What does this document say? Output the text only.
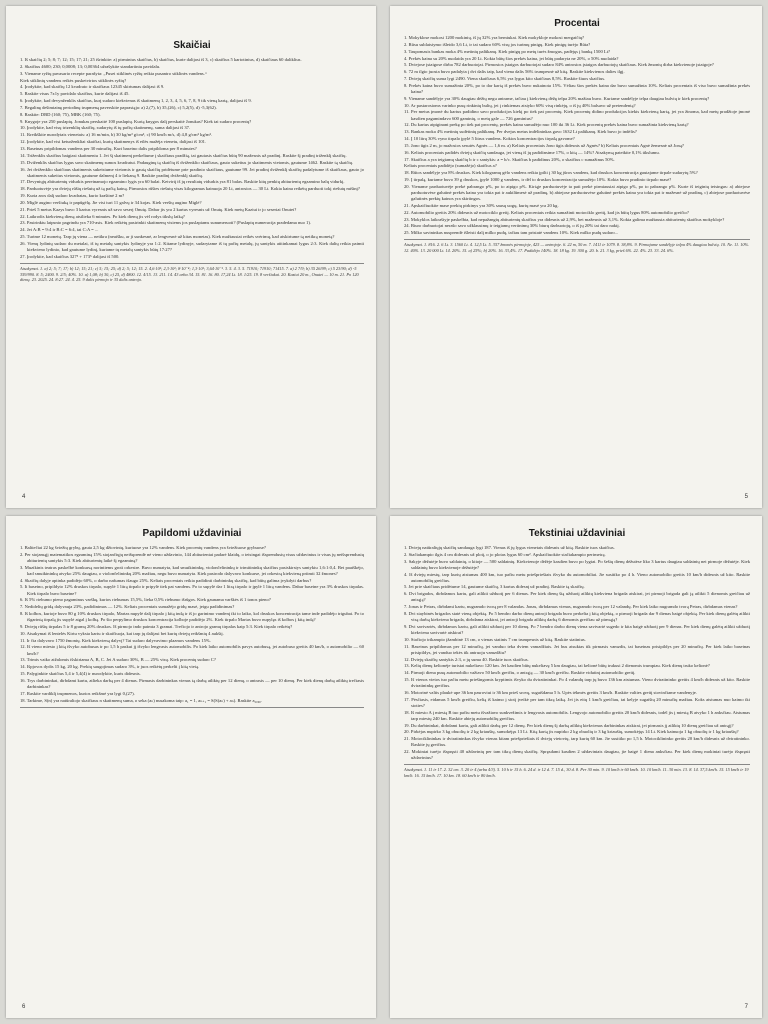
Skaičiai
1. Iš skaičių 2; 5; 8; 7; 12; 15; 17; 21; 25 išrinkite: a) pirminius skaičius, b) skaičius, kurie dalijasi iš 3, c) skaičius 5 kartotinius, d) skaičiaus 60 daliklius.
2. Skaičius 4600; 230; 0,0008; 13; 0,00364 užrašykite standartiniu pavidalu.
3. Viename ryžių pavasario recepte parašyta: „Pusei stiklinės ryžių reikia pusantro stiklinės vandens.“
Kiek stiklinių vandens reikės pusketvirtos stiklinės ryžių?
4. Įrodykite, kad skaičių 12 kvadrato ir skaičiaus 12345 skirtumas dalijasi iš 9.
5. Raskite visus 7x1y pavidalo skaičius, kurie dalijasi iš 45.
6. Įrodykite, kad devynženklis skaičius, kurį sudaro kiekvienas iš skaitmenų 1, 2, 3, 4, 5, 6, 7, 8, 9 tik vieną kartą, dalijasi iš 9.
7. Begalinę dešimtainę periodinę trupmeną paverskite paprastąja: a) 2,(7), b) 35,(26), c) 5,2(5), d) -5,3(62).
8. Raskite: DBD (160; 75), MBK (160; 75).
9. Knygoje yra 250 puslapių. Jonukas perskaitė 100 puslapių. Kurią knygos dalį perskaitė Jonukas? Kiek tai sudaro procentų?
10. Įrodykite, kad visų trizenklių skaičių, sudarytų iš tų pačių skaitmenų, suma dalijasi iš 37.
11. Išreikškite nurodytais vienetais: a) 16 m/min, b) 30 kg/m³ g/cm³, c) 90 km/h m/s, d) 4,8 g/cm³ kg/m³.
12. Įrodykite, kad visi keturženkliai skaičiai, kurių skaitmenys iš eilės mažėja vienetu, dalijasi iš 101.
13. Baseinas pripildomas vandens per 30 minučių. Kuri baseino dalis pripildoma per 8 minutes?
14. Triženklis skaičius baigiasi skaitmeniu 1. Jei šį skaitmenį perkeltume į skaičiaus pradžią, tai gautasis skaičius būtų 90 mažesnis už pradinį. Raskite šį pradinį triženklį skaičių.
15. Dviženklis skaičius lygus savo skaitmenų sumos kvadratui. Padauginę tą skaičių iš dviženklio skaičiaus, gauto sukeitus jo skaitmenis vietomis, gautume 1462. Raskite tą skaičių.
16. Jei dviženklio skaičiaus skaitmenis sukeistume vietomis ir gautą skaičių pridėtume prie pradinio skaičiaus, gautume 99. Jei pradinį dviženklį skaičių padalytume iš skaičiaus, gauto jo skaitmenis sukeitus vietomis, gautume dalmenį 4 ir liekaną 9. Raskite pradinį dviženklį skaičių.
17. Devyniųjų abiturientų vidurkis pereinamojo egzamino lygis yra 60 balai. Ketvirtį iš jų rezultatų vidurkis yra 81 balas. Raskite kitų penkių abiturientų egzamino balų vidurkį.
18. Parduotuvėje yra dviejų rūšių riešutų už tą pačią kainą. Pirmosios rūšies riešutų visas kilogramas kainuoja 20 Lt, antrosios — 30 Lt. Kokia kaina reikėtų parduoti tokį riešutų mišinį?
19. Kuria aros dalį sudaro kvadratas, kurio kraštinė 2 m?
20. Miglė augino veršiuką ir papūgėlę. Jie visi turi 11 galvų ir 34 kojas. Kiek veršių augino Miglė?
21. Prieš 5 metus Kazys buvo 3 kartus vyresnis už savo seserį Onutę. Dabar jis yra 2 kartus vyresnis už Onutę. Kiek metų Kaziui ir jo seseriai Onutei?
22. Laikrodis kiekvieną dieną atsilieka 6 minutes. Po kiek dienų jis vėl rodys tikslų laiką?
23. Pasirinktu laipsnio pagrindu yra 710-asis. Kiek reikėtų pasirinkti skaitmenų visiems jos puslapiams sunumeruoti? (Puslapių numeracija pradedama nuo 1).
24. Jei A:B = 9:4 ir B:C = 6:4, tai C:A = ...
25. Turime 12 monetų. Tarp jų viena — netikra (neaišku, ar ji sunkesnė, ar lengvesnė už kitas monetas). Kiek mažiausiai reikės svėrimų, kad atskirtume tą netikrą monetą?
26. Vienų lydinių sudaro du metalai, iš tų metalų santykis lydinyje yra 1:2. Kitame lydinyje, sudarytame iš tų pačių metalų, jų santykis atitinkamai lygus 2:3. Kiek dalių reikia paimti kiekvieno lydinio, kad gautume lydinį, kuriame tų metalų santykis būtų 17:27?
27. Įrodykite, kad skaičius 327⁵ + 173⁵ dalijasi iš 500.
Atsakymai. 1. a) 2; 5; 7; 17; b) 12; 15; 21; c) 5; 15; 25; d) 2; 5; 12; 15. 2. 4,6·10³; 2,3·10²; 8·10⁻⁴; 1,3·10¹; 3,64·10⁻³. 3. 5. 4. 3. 5. 71910; 71910; 71415. 7. a) 2 7/9; b) 35 26/99; c) 5 23/90; d) -5 359/990. 8. 5; 2400. 9. 2/5; 40%. 10. a) 1,08; b) 30, c) 25, d) 4800. 12. 4/15. 13. 211. 14. 43 arba 34. 15. 81. 16. 80. 17,24 Lt. 18. 1/25. 19. 8 veršiukai. 20. Kaziui 20 m., Onutei — 10 m. 21. Po 120 dienų. 23. 2025. 24. 8:27. 24. 4. 25. 9 dalis pirmojo ir 35 dalis antrojo.
4
Procentai
1. Mokyklose mokosi 1200 mokinių, iš jų 32% yra berniukai. Kiek mokykloje mokosi mergaičių?
2. Rūsu sublaistymo išleido 3,6 Lt, ir tai sudaro 60% visų jos turimų pinigų. Kiek pinigų turėjo Rūta?
3. Taupomasis bankas moka 4% metinių palūkanų. Kiek pinigų po metų turės žmogus, padėjęs į banką 1500 Lt?
4. Prekės kaina su 20% nuolaida yra 20 Lt. Kokia būtų šios prekės kaina, jei būtų padaryta ne 20%, o 50% nuolaida?
5. Dviejose įstaigose dirba 782 darbuotojai. Pirmosios įstaigos darbuotojai sudaro 84% antrosios įstaigos darbuotojų skaičiaus. Kiek žmonių dirba kiekvienoje įstaigoje?
6. 72 m ilgio juosta buvo padalyta į dvi dalis taip, kad viena dalis 56% trumpesnė už kitą. Raskite kiekvienos dalies ilgį.
7. Dviejų skaičių suma lygi 2490. Viena skaičiaus 6,5% yra lygus kito skaičiaus 8,5%. Raskite šiuos skaičius.
8. Prekės kaina buvo sumažinta 20%, po to dar kartą iš prekės buvo nukainota 15%. Vėliau šios prekės kaina dar buvo sumažinta 10%. Keliais procentais iš viso buvo sumažinta prekės kaina?
9. Viename sandėlyje yra 30% daugiau dėžių negu antrame, tačiau į kiekvieną dėžę telpa 20% mažiau buvo. Kuriame sandėlyje telpa daugiau bulvių ir kiek procentų?
10. Ar pastarosioms varinko pusę rinkinių bulių, jei į rinkiemas atsiyko 60% visų rinkėjų, o iš jų 40% balsavo už pretendentą?
11. Per metus įmonė du kartus padidino savo produkcijos kiekį po tiek pat procentų. Kiek procentų didino produkcijos kiekis kiekvieną kartą, jei yra žinoma, kad metų pradžioje įmonė kasdien pagamindavo 600 gaminių, o metų gale — 726 gaminius?
12. Du kartus atpiginant prekę po tiek pat procentų, prekės kaina sumažėjo nuo 100 iki 36 Lt. Kiek procentų prekės kaina buvo sumažinta kiekvieną kartą?
13. Bankas moka 4% metinių sudėtinių palūkanų. Per dvejus metus indėlininkas gavo 1632 Lt palūkanų. Kiek buvo jo indėlis?
14. Į 10 litrų 30% vyno tirpalo įpylė 5 litrus vandens. Kokios koncentracijos tirpalą gavome?
15. Jono ūgis 2 m, jo mažosios sesutės Agnės — 1,6 m. a) Keliais procentais Jono ūgis didesnis už Agnės? b) Keliais procentais Agnė žemesnė už Joną?
16. Keliais procentais padidės dviejų skaičių sandauga, jei vieną iš jų padidinsime 17%, o kitą — 14%? Atsakymą pateikite 0,1% tikslumu.
17. Skaičius a yra teigiamų skaičių b ir c santykis: a = b/c. Skaičius b padidinus 20%, o skaičius c sumažinus 50%.
Keliais procentais padidėjo (sumažėjo) skaičius a?
18. Rūtos sandėlyje yra 8% druskos. Kiek kilogramų gėlo vandens reikia įpilti į 30 kg jūros vandens, kad druskos koncentracija gautajame tirpale sudarytų 5%?
19. Į tirpalą, kuriame buvo 39 g druskos, įpylė 1000 g vandens, ir dėl to druskos koncentracija sumažėjo 10%. Kokia buvo pradinio tirpalo masė?
20. Viename parduotuvėje prekė pabrango p%, po to atpigo p%. Kiriąje parduotuvėje ta pati prekė pirmiausiai atpigo p%, po to pabrango p%. Kurie iš teiginių teisingas: a) abiejose parduotuvėse galutinė prekės kaina yra tokia pat ir auktlūmesė už pradinę, b) abiejose parduotuvėse galutinė prekės kaina yra tokia pat ir mažesnė už pradinę, c) abiejose parduotuvėse galutinės prekių kainos yra skirtingos.
21. Apskaičiuokite mase prekių pirkinys yra 30% sausų uogų, kurių masė yra 20 kg.
22. Automobilio greitis 20% didesnis už motociklo greitį. Keliais procentais reikia sumažinti motociklo greitį, kad jis būtų lygus 80% automobilio greičio?
23. Mokyklos laikraštyje paskelbta, kad nepažangių abiturientų skaičius yra didesnis už 2,9%, bet mažesnis už 3,1%. Kokia galima mažiausia abiturientų skaičius mokykloje?
24. Biuro darbuotojai nerašo savo užklausimų ir teigiamų vertinimų 30% biurų darbuotojų, o iš jų 20% tai daro naktį.
25. Milko savininkas nusprendė išleisti dalį milko pudų, tačiau tam pristatė vandens 10%. Kiek milko pudų sudaro...
Atsakymai. 1. 816. 2. 6 Lt. 3. 1560 Lt. 4. 12,5 Lt. 5. 357 žmonės pirmojoje, 425 — antrojoje. 6. 22 m, 50 m. 7. 1411 ir 1079. 8. 38,8%. 9. Pirmajame sandėlyje telpa 4% daugiau bulvių. 10. Ne. 11. 10%. 12. 40%. 13. 20 000 Lt. 14. 20%. 15. a) 25%; b) 20%. 16. 33,4%. 17. Padidėjo 140%. 18. 18 kg. 19. 300 g. 20. b. 21. 3 kg, prieš 6%. 22. 4%. 23. 33. 24. 6%.
5
Papildomi uždaviniai
1. Baltiečiai 22 kg šviežių grybų, gauta 2,5 kg džiovintų, kuriuose yra 12% vandens. Kiek procentų vandens yra šviežiuose grybuose?
2. Per stojamąjį matematikos egzaminą 15% stojančiųjų neišsprendė nė vieno uždavinio, 144 abiturientai padarė klaidų, o teisingai išsprendusių visus uždavinius ir visus jų neišsprendusių abiturientų santykis 5:3. Kiek abiturientų laikė šį egzaminą?
3. Muzikinis teatras paskelbė konkursą norintiems groti orkestre. Buvo numatyta, kad smuikininkų, violončelininkų ir trimitininkų skaičius pasiskirstys santykiu 1,6:1:0,4. Bet paaiškėjo, kad smuikininkų atvyko 25% daugiau, o violončelininkų 20% mažiau, negu buvo numatyta. Kiek pasirodo dalyvavo konkurse, jei orkestrą kiekvieną priimti 32 žmones?
4. Skaičių dalyje aptinka padidėjo 60%, o darbo našumas išaugo 25%. Keliais procentais reikia padidinti darbininkų skaičių, kad būtų galima įvykdyti darbus?
5. Ii baseino, pripildyto 12% druskos tirpalo, supylė 1 litrą tirpalo ir pripylė tiek pat vandens. Po to supylė dar 1 litrą tirpalo ir įpylė 1 litrą vandens. Dabar baseine yra 3% druskos tirpalas. Kiek tirpalo buvo baseine?
6. Iš 5% riebumo pieno pagaminus varškę, kurios riebumas 15,5%, lieka 0,5% riebumo išrūgos. Kiek gaunama varškės iš 1 tonos pieno?
7. Nedidelių gridą dalyvauja 23%, padidinimas — 12%. Keliais procentais sumažėjo gridų masė, jeigu padidinimas?
8. Iš kolbos, kurioje buvo 80 g 10% druskos tirpalo, Martas nupylė dalį tirpalo į kitą indą ir iš jo garinimo vandenį iki to laiko, kol druskos koncentracija tame inde padidėjo trigubai. Po to išgarintą tirpalą jis supylė atgal į kolbą. Po šio perpylimo druskos koncentracija kolboje padidėjo 2%. Kiek tirpalo Martas buvo nupylęs iš kolbos į kitą indą?
9. Dviejų rūšių tirpalas 5 ir 8 gramų 20% druskos. Iš pirmojo indo paimta 3 gramai. Trečiojo ir antrojo gramų tirpalas kaip 5:3. Kiek tirpalo reikėtų?
10. Atsakymai iš lentelės Kirtu vyksta kartu ir skaičiuoja, kai tarp jų dalijasi bet kurių dviejų reikšmių 4 aukštį.
11. Ir čia dalyvavo 1750 žmonių. Kiek kiekvieną dalyvį? Tai sudaro dalyvavimo plazmos vandens 15%.
12. Iš vieno miesto į kitą išvyko autobusas ir po 1,5 h paskui jį išvyko lengvasis automobilis. Po kiek laiko automobilis pavys autobusą, jei autobuso greitis 40 km/h, o automobilio — 60 km/h?
13. Trimis vaiko atžalomis išskiriama A, B, C. Jei A sudaro 30%, B — 25% visų. Kiek procentų sudaro C?
14. Išpjovos dydis 15 kg, 20 kg. Prekių saugojimas sudaro 3%, ir juos reikėtų perkelti į kitą vietą.
15. Palyginkite skaičius 5,4 ir 5,4(4) ir nurodykite, kuris didesnis.
16. Trys darbininkai, dirbdami kartu, atlieka darbą per 4 dienas. Pirmasis darbininkas vienas tą darbą atliktų per 12 dienų, o antrasis — per 10 dienų. Per kiek dienų darbą atliktų trečiasis darbininkas?
17. Raskite vardiklį trupmenos, kurios reikšmė yra lygi 0,(27).
18. Tarkime, S(n) yra natūraliojo skaičiaus n skaitmenų suma, o seka (aₙ) nusakoma taip: a₁ = 1, aₙ₊₁ = S(S(aₙ) + aₙ). Raskite a₂₀₀₀.
6
Tekstiniai uždaviniai
1. Dviejų natūraliųjų skaičių sandauga lygi 187. Vienas iš jų lygus vienetais didesnis už kitą. Raskite tuos skaičius.
2. Stačiakampio ilgis 4 cm didesnis už plotį, o jo plotas lygus 60 cm². Apskaičiuokite stačiakampio perimetrą.
3. Sakyje dėžutėje buvo saldainių, o kitoje — 500 saldainių. Kiekvienoje dėžėje kasdien buvo po lygiai. Po šešių dienų dėžutėse liko 3 kartus daugiau saldainių nei pirmoje dėžutėje. Kiek saldainių buvo kiekvienoje dėžutėje?
4. Iš dviejų miestų, tarp kurių atstumas 400 km, tuo pačiu metu priešpriešiais išvyko du automobiliai. Jie susitiko po 4 h. Vieno automobilio greitis 10 km/h didesnis už kito. Raskite automobilių greičius.
5. Jei prie skaičiaus pridėtume 14, gautume skaičių, 3 kartus didesnį už pradinį. Raskite tą skaičių.
6. Dvi brigados, dirbdamos kartu, gali atlikti užduotį per 6 dienas. Per kiek dienų šią užduotį atliktų kiekviena brigada atskirai, jei pirmoji brigada gali ją atlikti 5 dienomis greičiau už antrąją?
7. Jonas ir Petras, dirbdami kartu, nugramdo tvorą per 8 valandas. Jonas, dirbdamas vienas, nugramdo tvorą per 12 valandų. Per kiek laiko nugramdo tvorą Petras, dirbdamas vienas?
8. Dvi staybinės brigados statė vieną objektą. Po 5 bendro darbo dienų antroji brigada buvo perkelta į kitą objektą, o pirmoji brigada dar 9 dienas baigė objektą. Per kiek dienų galėtų atlikti visą darbą kiekviena brigada, dirbdama atskirai, jei antroji brigada atliktų darbą 6 dienomis greičiau už pirmąją?
9. Dvi savivartės, dirbdamos kartu, gali atlikti užduotį per 10 dienų. Po 7 bendro darbo dienų viena savivartė sugedo ir kita baigė užduotį per 9 dienas. Per kiek dienų galėtų atlikti užduotį kiekviena savivartė atskirai?
10. Stačiojo trikampio įžambinė 13 cm, o vienas statinis 7 cm trumpesnis už kitą. Raskite statinius.
11. Baseinas pripildomas per 12 minučių, jei vanduo teka dviem vamzdžiais. Jei bus atsuktas tik pirmasis vamzdis, tai baseinas prisipildys per 20 minučių. Per kiek laiko baseinas prisipildys, jei vanduo tekės tik antruoju vamzdžiu?
12. Dviejų skaičių santykis 2:3, o jų suma 40. Raskite tuos skaičius.
13. Kelių dienų kelionėje turistai nukeliavo 120 km. Jei kasdien būtų nukeliavę 5 km daugiau, tai kelionė būtų trukusi 2 dienomis trumpiau. Kiek dienų truko kelionė?
14. Pirmoji diena pusę automobilio važiavo 50 km/h greičiu, o antrąją — 30 km/h greičiu. Raskite vidutinį automobilio greitį.
15. Iš vienos vietos tuo pačiu metu priešingomis kryptimis išvyko du dviratininkai. Po 4 valandų tarp jų buvo 136 km atstumas. Vieno dviratininko greitis 4 km/h didesnis už kito. Raskite dviratininkų greičius.
16. Motorinė valtis plaukė upe 36 km pasroviui ir 36 km prieš srovę, sugaišdama 5 h. Upės tėkmės greitis 3 km/h. Raskite valties greitį stovinčiame vandenyje.
17. Pėsčiasis, eidamas 5 km/h greičiu, kelią iš kaimo į stotį įveikė per tam tikrą laiką. Jei jis eitų 1 km/h greičiau, tai kelyje sugaištų 20 minučių mažiau. Koks atstumas nuo kaimo iki stoties?
18. Iš miesto A į miestą B tuo pačiu metu išvažiavo sunkvežimis ir lengvasis automobilis. Lengvojo automobilio greitis 20 km/h didesnis, todėl jis į miestą B atvyko 1 h anksčiau. Atstumas tarp miestų 240 km. Raskite abiejų automobilių greičius.
19. Du darbininkai, dirbdami kartu, gali atlikti darbą per 12 dienų. Per kiek dienų šį darbą atliktų kiekvienas darbininkas atskirai, jei pirmasis jį atliktų 10 dienų greičiau už antrąjį?
20. Pirkėjas nupirko 3 kg obuolių ir 2 kg kriaušių, sumokėjęs 13 Lt. Kitą kartą jis nupirko 2 kg obuolių ir 3 kg kriaušių, sumokėjęs 14 Lt. Kiek kainuoja 1 kg obuolių ir 1 kg kriaušių?
21. Motociklininkas ir dviratininkas išvyko vienas kitam priešpriešiais iš dviejų vietovių, tarp kurių 60 km. Jie susitiko po 1,5 h. Motociklininko greitis 20 km/h didesnis už dviratininko. Raskite jų greičius.
22. Mokiniai turėjo išspręsti 40 uždavinių per tam tikrą dienų skaičių. Spręsdami kasdien 2 uždaviniais daugiau, jie baigė 1 diena anksčiau. Per kiek dienų mokiniai turėjo išspręsti uždavinius?
Atsakymai. 1. 11 ir 17. 2. 32 cm. 3. 20 ir 4 (arba 4/3). 5. 10 h ir 15 h. 6. 24 d. ir 12 d. 7. 15 d., 30 d. 8. Per 30 min. 9. 10 km/h ir 60 km/h. 10. 10 km/h. 11. 30 min. 13. 8. 14. 37,5 km/h. 15. 15 km/h ir 19 km/h. 16. 15 km/h. 17. 10 km. 18. 60 km/h ir 80 km/h.
7
